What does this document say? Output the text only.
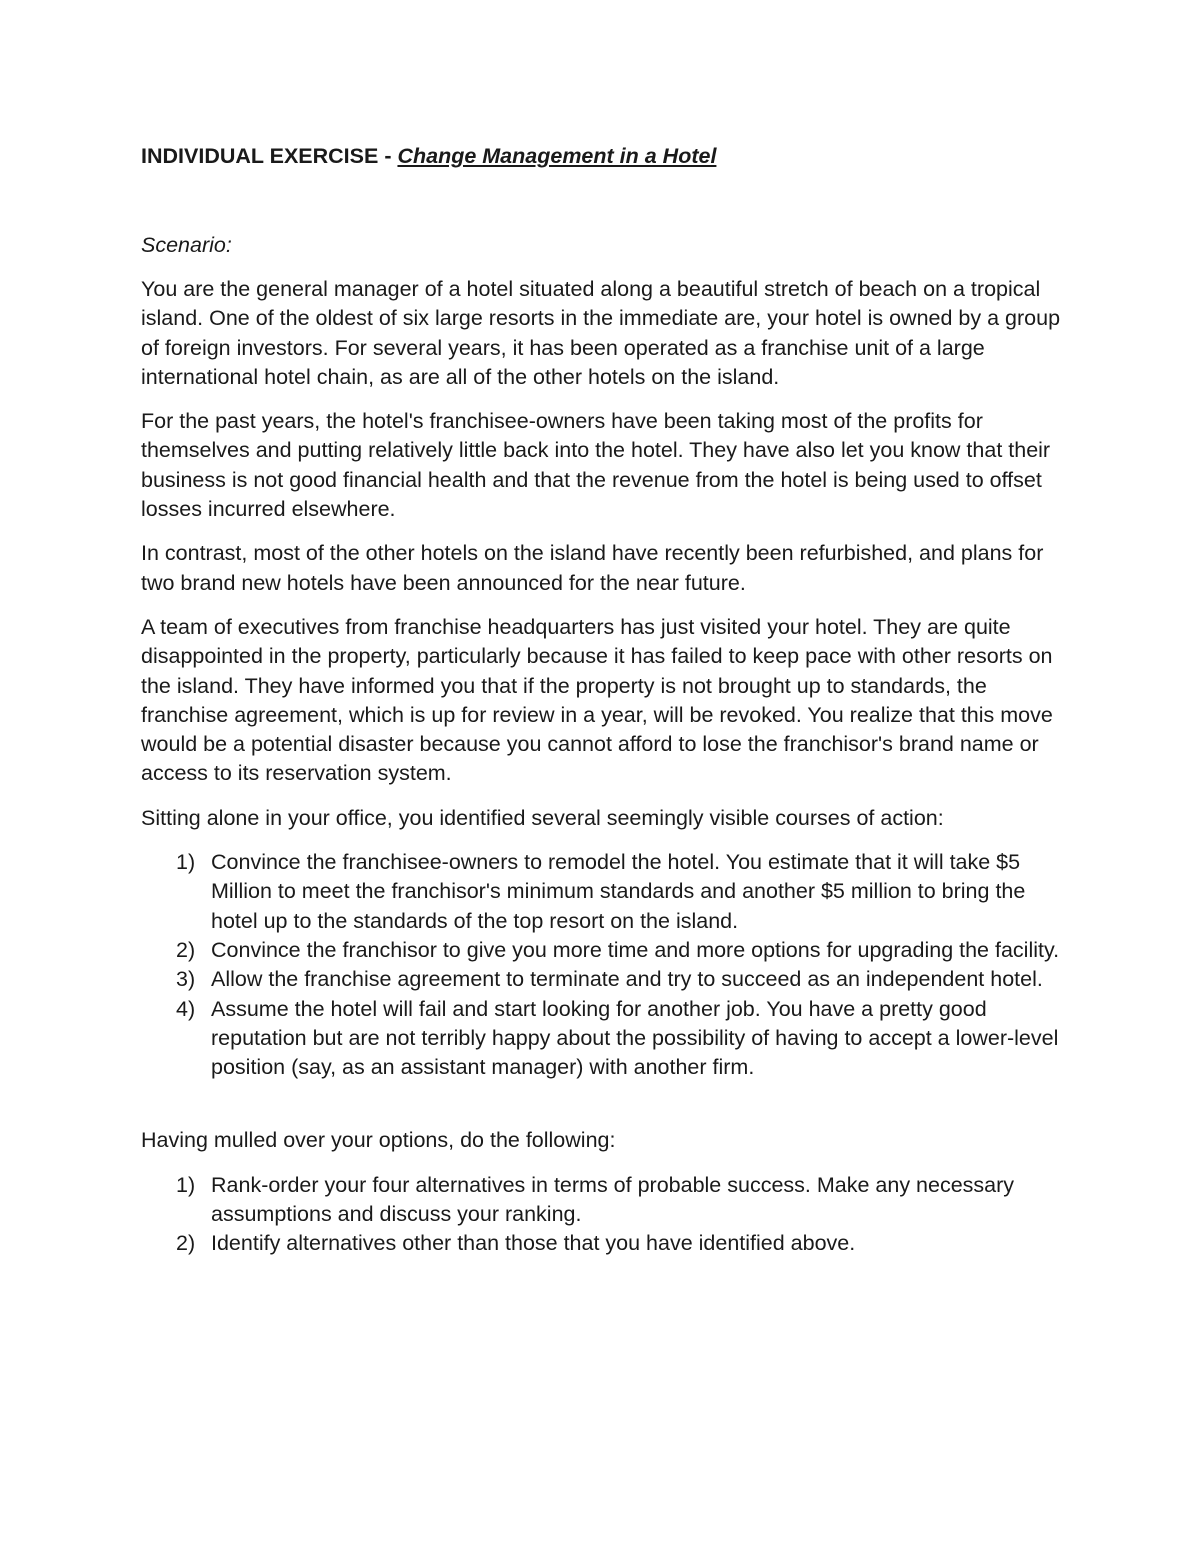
INDIVIDUAL EXERCISE - Change Management in a Hotel

Scenario:

You are the general manager of a hotel situated along a beautiful stretch of beach on a tropical island. One of the oldest of six large resorts in the immediate are, your hotel is owned by a group of foreign investors. For several years, it has been operated as a franchise unit of a large international hotel chain, as are all of the other hotels on the island.

For the past years, the hotel's franchisee-owners have been taking most of the profits for themselves and putting relatively little back into the hotel. They have also let you know that their business is not good financial health and that the revenue from the hotel is being used to offset losses incurred elsewhere.

In contrast, most of the other hotels on the island have recently been refurbished, and plans for two brand new hotels have been announced for the near future.

A team of executives from franchise headquarters has just visited your hotel. They are quite disappointed in the property, particularly because it has failed to keep pace with other resorts on the island. They have informed you that if the property is not brought up to standards, the franchise agreement, which is up for review in a year, will be revoked. You realize that this move would be a potential disaster because you cannot afford to lose the franchisor's brand name or access to its reservation system.

Sitting alone in your office, you identified several seemingly visible courses of action:

1) Convince the franchisee-owners to remodel the hotel. You estimate that it will take $5 Million to meet the franchisor's minimum standards and another $5 million to bring the hotel up to the standards of the top resort on the island.
2) Convince the franchisor to give you more time and more options for upgrading the facility.
3) Allow the franchise agreement to terminate and try to succeed as an independent hotel.
4) Assume the hotel will fail and start looking for another job. You have a pretty good reputation but are not terribly happy about the possibility of having to accept a lower-level position (say, as an assistant manager) with another firm.

Having mulled over your options, do the following:

1) Rank-order your four alternatives in terms of probable success. Make any necessary assumptions and discuss your ranking.
2) Identify alternatives other than those that you have identified above.
